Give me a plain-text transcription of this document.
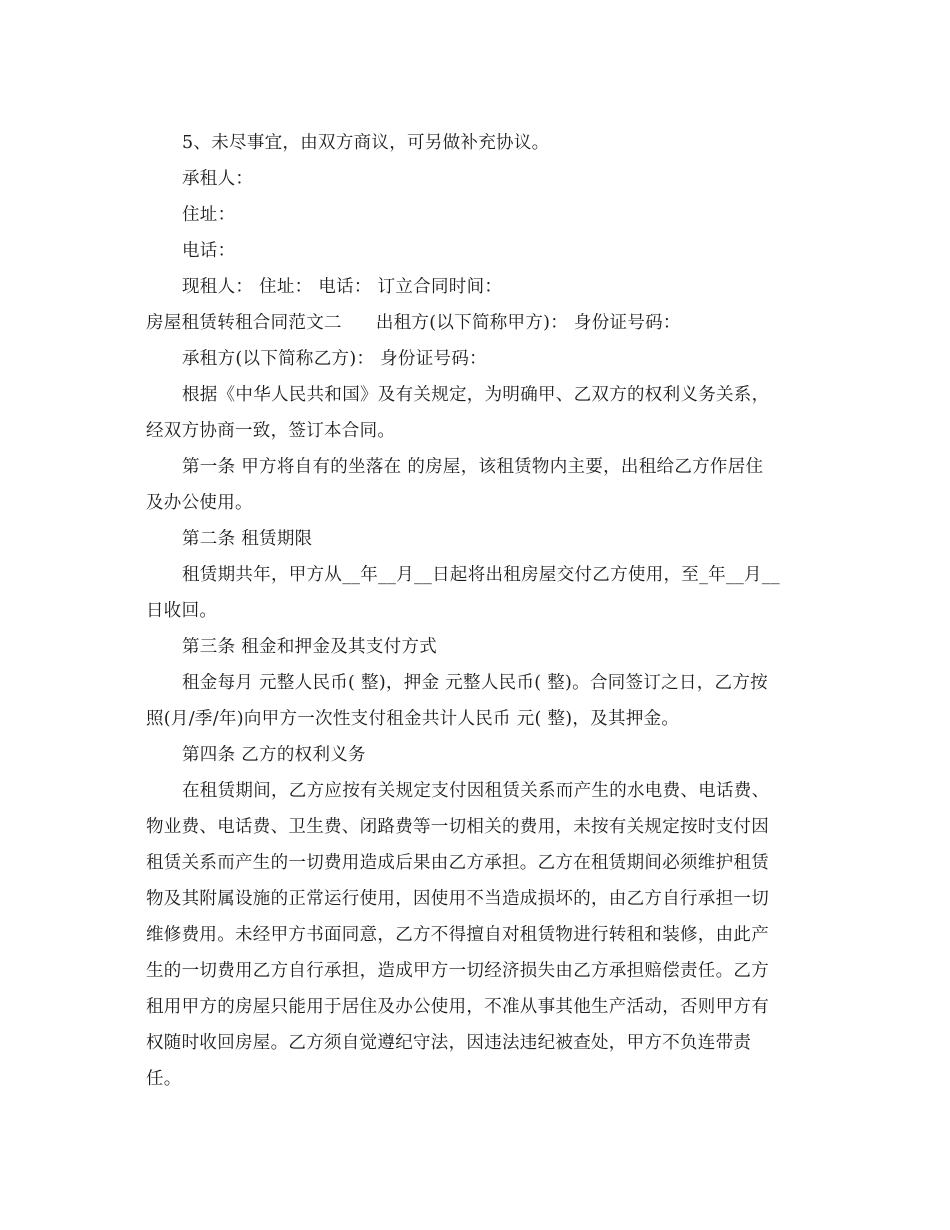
5、未尽事宜，由双方商议，可另做补充协议。
承租人：
住址：
电话：
现租人： 住址： 电话： 订立合同时间：
房屋租赁转租合同范文二 出租方(以下简称甲方)： 身份证号码：
承租方(以下简称乙方)： 身份证号码：
根据《中华人民共和国》及有关规定，为明确甲、乙双方的权利义务关系，
经双方协商一致，签订本合同。
第一条 甲方将自有的坐落在 的房屋，该租赁物内主要，出租给乙方作居住
及办公使用。
第二条 租赁期限
租赁期共年，甲方从__年__月__日起将出租房屋交付乙方使用，至_年__月__
日收回。
第三条 租金和押金及其支付方式
租金每月 元整人民币( 整)，押金 元整人民币( 整)。合同签订之日，乙方按
照(月/季/年)向甲方一次性支付租金共计人民币 元( 整)，及其押金。
第四条 乙方的权利义务
在租赁期间，乙方应按有关规定支付因租赁关系而产生的水电费、电话费、
物业费、电话费、卫生费、闭路费等一切相关的费用，未按有关规定按时支付因
租赁关系而产生的一切费用造成后果由乙方承担。乙方在租赁期间必须维护租赁
物及其附属设施的正常运行使用，因使用不当造成损坏的，由乙方自行承担一切
维修费用。未经甲方书面同意，乙方不得擅自对租赁物进行转租和装修，由此产
生的一切费用乙方自行承担，造成甲方一切经济损失由乙方承担赔偿责任。乙方
租用甲方的房屋只能用于居住及办公使用，不准从事其他生产活动，否则甲方有
权随时收回房屋。乙方须自觉遵纪守法，因违法违纪被查处，甲方不负连带责
任。
